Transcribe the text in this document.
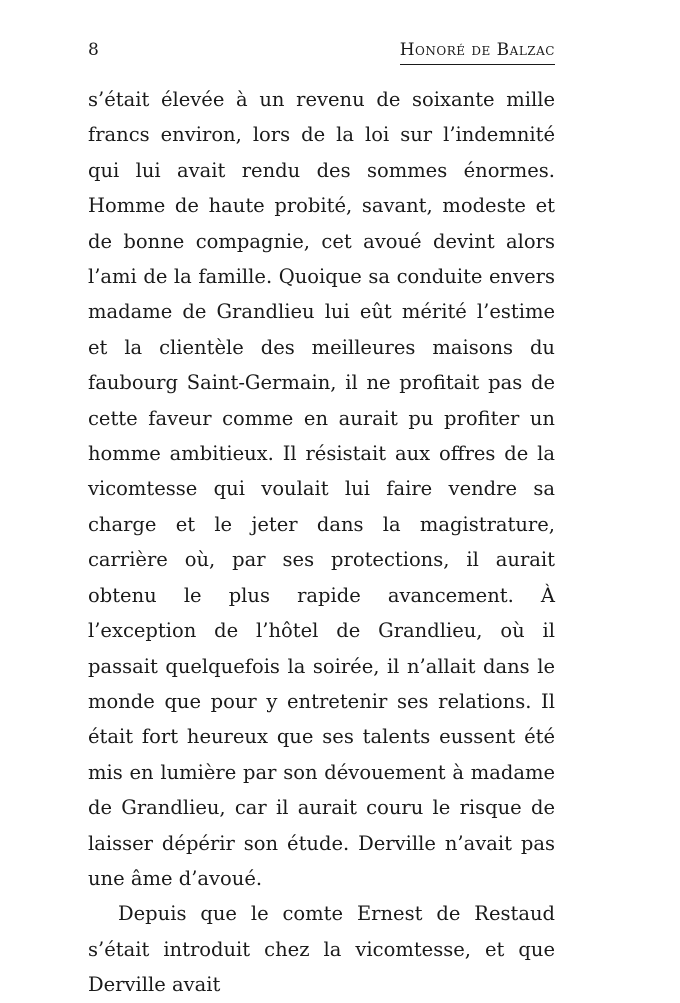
8	Honoré de Balzac

s’était élevée à un revenu de soixante mille francs environ, lors de la loi sur l’indemnité qui lui avait rendu des sommes énormes. Homme de haute probité, savant, modeste et de bonne compagnie, cet avoué devint alors l’ami de la famille. Quoique sa conduite envers madame de Grandlieu lui eût mérité l’estime et la clientèle des meilleures maisons du faubourg Saint-Germain, il ne profitait pas de cette faveur comme en aurait pu profiter un homme ambitieux. Il résistait aux offres de la vicomtesse qui voulait lui faire vendre sa charge et le jeter dans la magistrature, carrière où, par ses protections, il aurait obtenu le plus rapide avancement. À l’exception de l’hôtel de Grandlieu, où il passait quelquefois la soirée, il n’allait dans le monde que pour y entretenir ses relations. Il était fort heureux que ses talents eussent été mis en lumière par son dévouement à madame de Grandlieu, car il aurait couru le risque de laisser dépérir son étude. Derville n’avait pas une âme d’avoué.

Depuis que le comte Ernest de Restaud s’était introduit chez la vicomtesse, et que Derville avait
